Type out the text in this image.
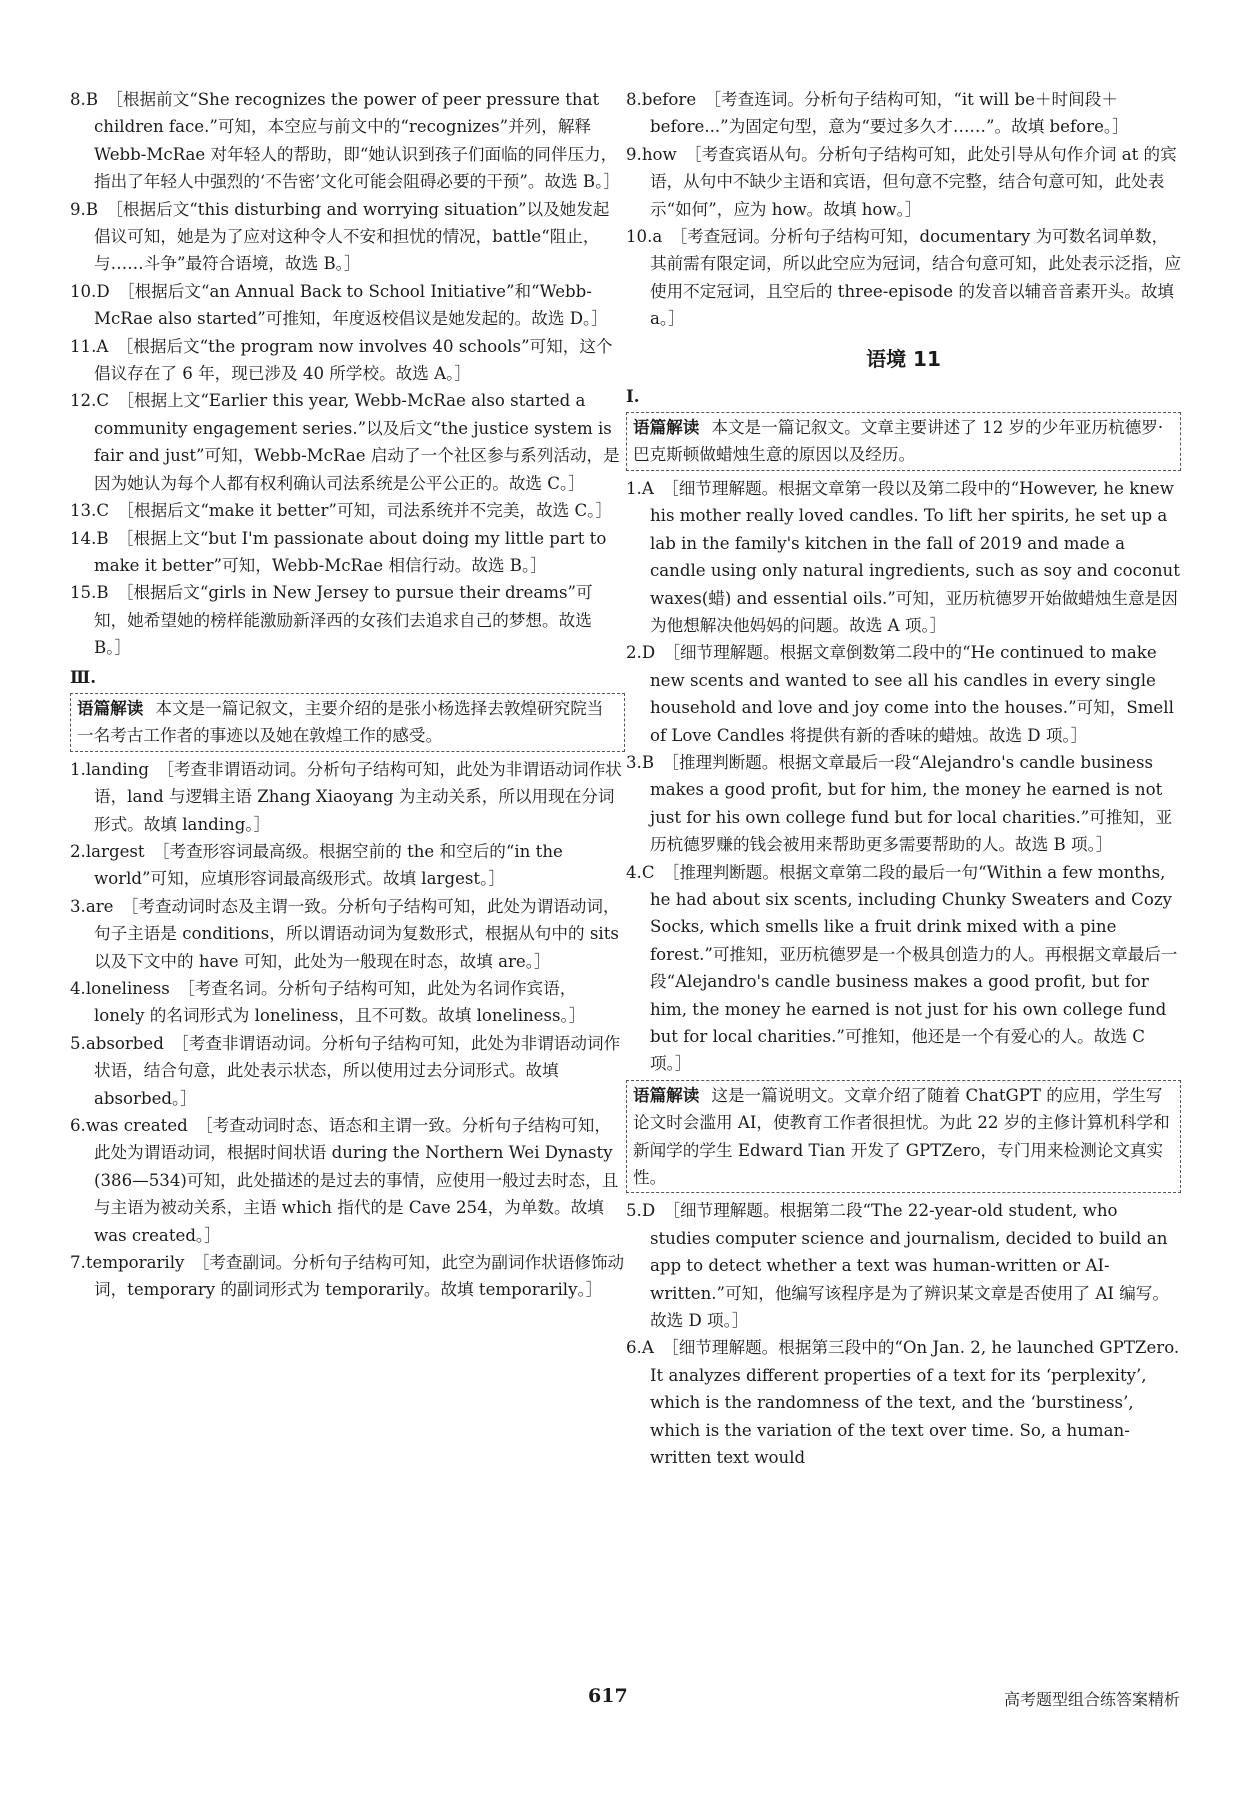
8.B  ［根据前文“She recognizes the power of peer pressure that children face.”可知，本空应与前文中的“recognizes”并列，解释 Webb-McRae 对年轻人的帮助，即“她认识到孩子们面临的同伴压力，指出了年轻人中强烈的‘不告密’文化可能会阻碍必要的干预”。故选 B。］
9.B  ［根据后文“this disturbing and worrying situation”以及她发起倡议可知，她是为了应对这种令人不安和担忧的情况，battle“阻止，与……斗争”最符合语境，故选 B。］
10.D  ［根据后文“an Annual Back to School Initiative”和“Webb-McRae also started”可推知，年度返校倡议是她发起的。故选 D。］
11.A  ［根据后文“the program now involves 40 schools”可知，这个倡议存在了 6 年，现已涉及 40 所学校。故选 A。］
12.C  ［根据上文“Earlier this year, Webb-McRae also started a community engagement series.”以及后文“the justice system is fair and just”可知，Webb-McRae 启动了一个社区参与系列活动，是因为她认为每个人都有权利确认司法系统是公平公正的。故选 C。］
13.C  ［根据后文“make it better”可知，司法系统并不完美，故选 C。］
14.B  ［根据上文“but I'm passionate about doing my little part to make it better”可知，Webb-McRae 相信行动。故选 B。］
15.B  ［根据后文“girls in New Jersey to pursue their dreams”可知，她希望她的榜样能激励新泽西的女孩们去追求自己的梦想。故选 B。］
Ⅲ.
语篇解读 本文是一篇记叙文，主要介绍的是张小杨选择去敦煌研究院当一名考古工作者的事迹以及她在敦煌工作的感受。
1.landing  ［考查非谓语动词。分析句子结构可知，此处为非谓语动词作状语，land 与逻辑主语 Zhang Xiaoyang 为主动关系，所以用现在分词形式。故填 landing。］
2.largest  ［考查形容词最高级。根据空前的 the 和空后的“in the world”可知，应填形容词最高级形式。故填 largest。］
3.are  ［考查动词时态及主谓一致。分析句子结构可知，此处为谓语动词，句子主语是 conditions，所以谓语动词为复数形式，根据从句中的 sits 以及下文中的 have 可知，此处为一般现在时态，故填 are。］
4.loneliness  ［考查名词。分析句子结构可知，此处为名词作宾语，lonely 的名词形式为 loneliness，且不可数。故填 loneliness。］
5.absorbed  ［考查非谓语动词。分析句子结构可知，此处为非谓语动词作状语，结合句意，此处表示状态，所以使用过去分词形式。故填 absorbed。］
6.was created  ［考查动词时态、语态和主谓一致。分析句子结构可知，此处为谓语动词，根据时间状语 during the Northern Wei Dynasty (386—534)可知，此处描述的是过去的事情，应使用一般过去时态，且与主语为被动关系，主语 which 指代的是 Cave 254，为单数。故填 was created。］
7.temporarily  ［考查副词。分析句子结构可知，此空为副词作状语修饰动词，temporary 的副词形式为 temporarily。故填 temporarily。］
8.before  ［考查连词。分析句子结构可知，“it will be＋时间段＋before...”为固定句型，意为“要过多久才……”。故填 before。］
9.how  ［考查宾语从句。分析句子结构可知，此处引导从句作介词 at 的宾语，从句中不缺少主语和宾语，但句意不完整，结合句意可知，此处表示“如何”，应为 how。故填 how。］
10.a  ［考查冠词。分析句子结构可知，documentary 为可数名词单数，其前需有限定词，所以此空应为冠词，结合句意可知，此处表示泛指，应使用不定冠词，且空后的 three-episode 的发音以辅音音素开头。故填 a。］
语境 11
Ⅰ.
语篇解读 本文是一篇记叙文。文章主要讲述了 12 岁的少年亚历杭德罗·巴克斯顿做蜡烛生意的原因以及经历。
1.A  ［细节理解题。根据文章第一段以及第二段中的“However, he knew his mother really loved candles. To lift her spirits, he set up a lab in the family's kitchen in the fall of 2019 and made a candle using only natural ingredients, such as soy and coconut waxes(蜡) and essential oils.”可知，亚历杭德罗开始做蜡烛生意是因为他想解决他妈妈的问题。故选 A 项。］
2.D  ［细节理解题。根据文章倒数第二段中的“He continued to make new scents and wanted to see all his candles in every single household and love and joy come into the houses.”可知，Smell of Love Candles 将提供有新的香味的蜡烛。故选 D 项。］
3.B  ［推理判断题。根据文章最后一段“Alejandro's candle business makes a good profit, but for him, the money he earned is not just for his own college fund but for local charities.”可推知，亚历杭德罗赚的钱会被用来帮助更多需要帮助的人。故选 B 项。］
4.C  ［推理判断题。根据文章第二段的最后一句“Within a few months, he had about six scents, including Chunky Sweaters and Cozy Socks, which smells like a fruit drink mixed with a pine forest.”可推知，亚历杭德罗是一个极具创造力的人。再根据文章最后一段“Alejandro's candle business makes a good profit, but for him, the money he earned is not just for his own college fund but for local charities.”可推知，他还是一个有爱心的人。故选 C 项。］
语篇解读 这是一篇说明文。文章介绍了随着 ChatGPT 的应用，学生写论文时会滥用 AI，使教育工作者很担忧。为此 22 岁的主修计算机科学和新闻学的学生 Edward Tian 开发了 GPTZero，专门用来检测论文真实性。
5.D  ［细节理解题。根据第二段“The 22-year-old student, who studies computer science and journalism, decided to build an app to detect whether a text was human-written or AI-written.”可知，他编写该程序是为了辨识某文章是否使用了 AI 编写。故选 D 项。］
6.A  ［细节理解题。根据第三段中的“On Jan. 2, he launched GPTZero. It analyzes different properties of a text for its ‘perplexity’, which is the randomness of the text, and the ‘burstiness’, which is the variation of the text over time. So, a human-written text would
617	高考题型组合练答案精析
